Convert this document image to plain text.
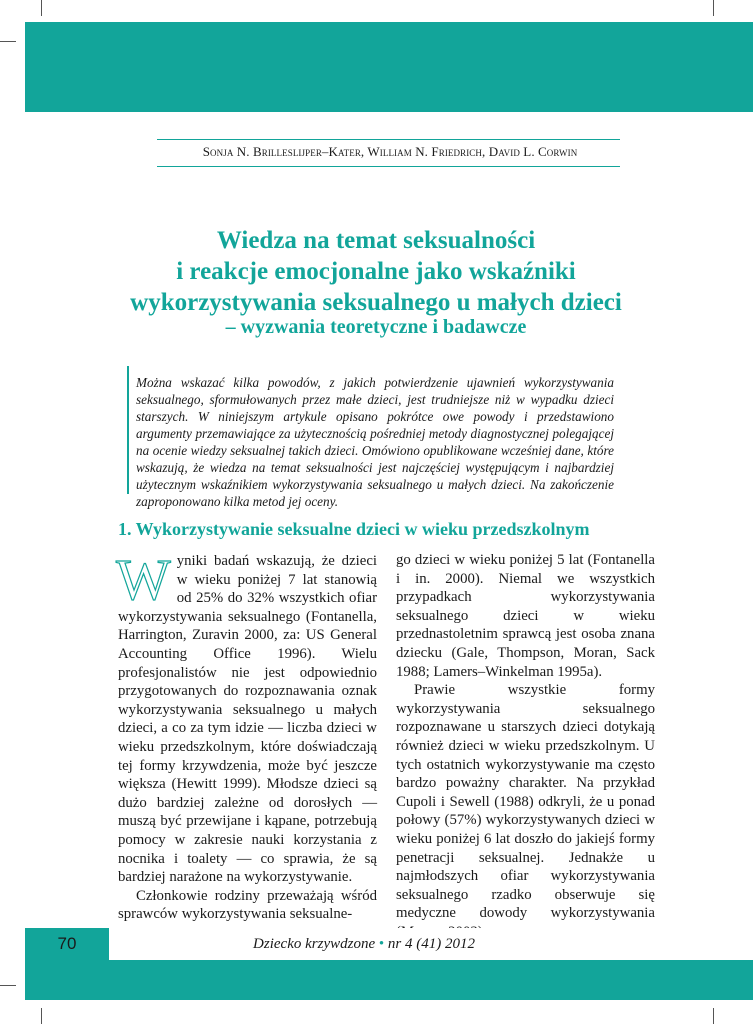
Sonja N. Brilleslijper–Kater, William N. Friedrich, David L. Corwin
Wiedza na temat seksualności
i reakcje emocjonalne jako wskaźniki
wykorzystywania seksualnego u małych dzieci
– wyzwania teoretyczne i badawcze
Można wskazać kilka powodów, z jakich potwierdzenie ujawnień wykorzystywania seksualnego, sformułowanych przez małe dzieci, jest trudniejsze niż w wypadku dzieci starszych. W niniejszym artykule opisano pokrótce owe powody i przedstawiono argumenty przemawiające za użytecznością pośredniej metody diagnostycznej polegającej na ocenie wiedzy seksualnej takich dzieci. Omówiono opublikowane wcześniej dane, które wskazują, że wiedza na temat seksualności jest najczęściej występującym i najbardziej użytecznym wskaźnikiem wykorzystywania seksualnego u małych dzieci. Na zakończenie zaproponowano kilka metod jej oceny.
1. Wykorzystywanie seksualne dzieci w wieku przedszkolnym

Wyniki badań wskazują, że dzieci w wieku poniżej 7 lat stanowią od 25% do 32% wszystkich ofiar wykorzystywania seksualnego (Fontanella, Harrington, Zuravin 2000, za: US General Accounting Office 1996). Wielu profesjonalistów nie jest odpowiednio przygotowanych do rozpoznawania oznak wykorzystywania seksualnego u małych dzieci, a co za tym idzie — liczba dzieci w wieku przedszkolnym, które doświadczają tej formy krzywdzenia, może być jeszcze większa (Hewitt 1999). Młodsze dzieci są dużo bardziej zależne od dorosłych — muszą być przewijane i kąpane, potrzebują pomocy w zakresie nauki korzystania z nocnika i toalety — co sprawia, że są bardziej narażone na wykorzystywanie.

Członkowie rodziny przeważają wśród sprawców wykorzystywania seksualne-

go dzieci w wieku poniżej 5 lat (Fontanella i in. 2000). Niemal we wszystkich przypadkach wykorzystywania seksualnego dzieci w wieku przednastoletnim sprawcą jest osoba znana dziecku (Gale, Thompson, Moran, Sack 1988; Lamers–Winkelman 1995a).

Prawie wszystkie formy wykorzystywania seksualnego rozpoznawane u starszych dzieci dotykają również dzieci w wieku przedszkolnym. U tych ostatnich wykorzystywanie ma często bardzo poważny charakter. Na przykład Cupoli i Sewell (1988) odkryli, że u ponad połowy (57%) wykorzystywanych dzieci w wieku poniżej 6 lat doszło do jakiejś formy penetracji seksualnej. Jednakże u najmłodszych ofiar wykorzystywania seksualnego rzadko obserwuje się medyczne dowody wykorzystywania

70	Dziecko krzywdzone • nr 4 (41) 2012
